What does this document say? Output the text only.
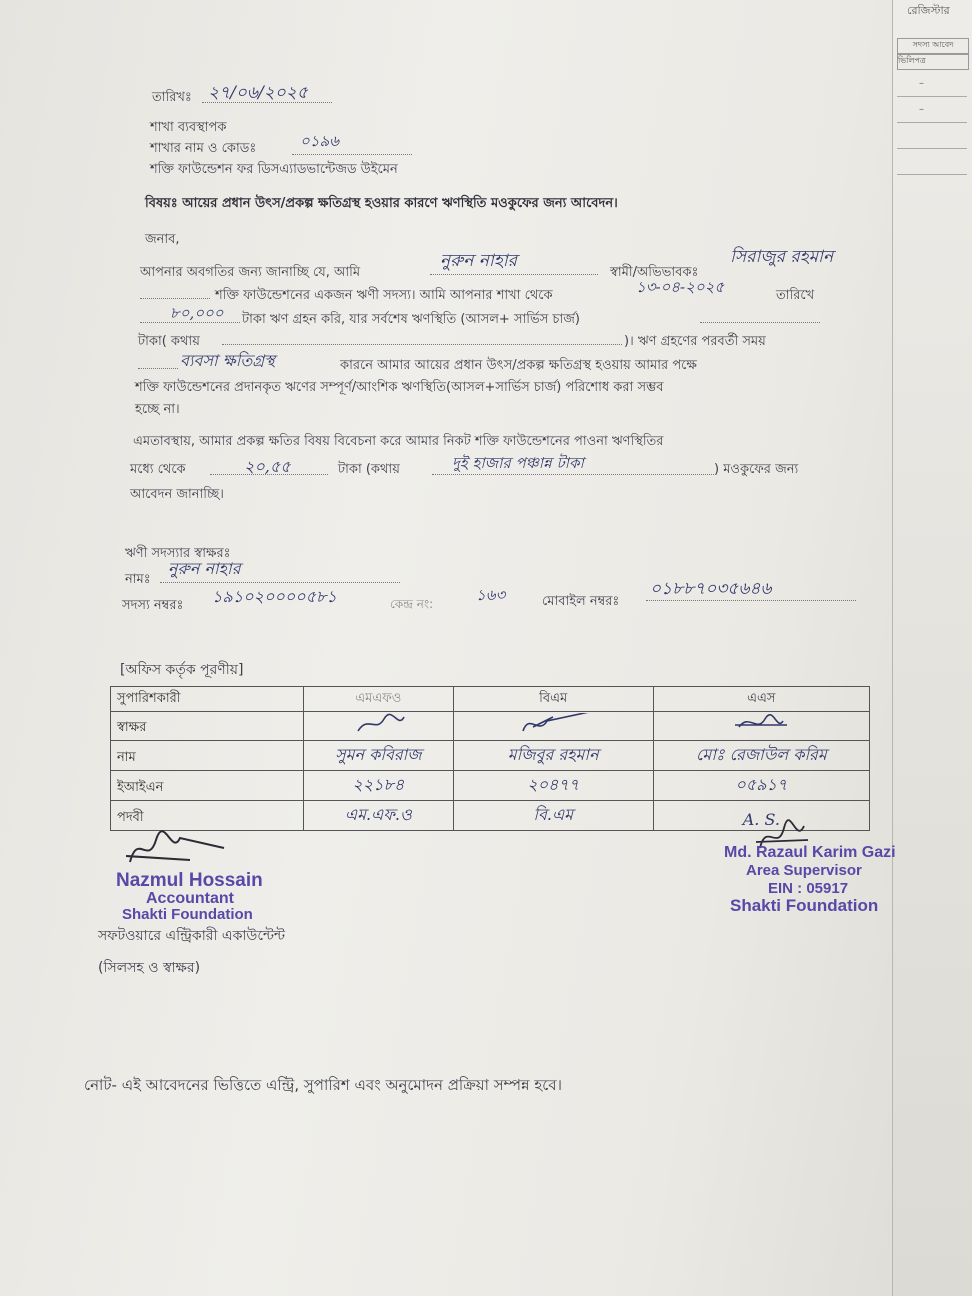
রেজিস্টার
সদস্য আবেদ
ভিলিপত্র
–
–
তারিখঃ ২৭/০৬/২০২৫
শাখা ব্যবস্থাপক
শাখার নাম ও কোডঃ	০১৯৬
শক্তি ফাউন্ডেশন ফর ডিসএ্যাডভান্টেজড উইমেন
বিষয়ঃ আয়ের প্রধান উৎস/প্রকল্প ক্ষতিগ্রস্থ হওয়ার কারণে ঋণস্থিতি মওকুফের জন্য আবেদন।
জনাব,
আপনার অবগতির জন্য জানাচ্ছি যে, আমি
নুরুন নাহার
স্বামী/অভিভাবকঃ
সিরাজুর রহমান
শক্তি ফাউন্ডেশনের একজন ঋণী সদস্য। আমি আপনার শাখা থেকে	১৩-০৪-২০২৫	তারিখে
৮০,০০০ টাকা ঋণ গ্রহন করি, যার সর্বশেষ ঋণস্থিতি (আসল+ সার্ভিস চার্জ)
টাকা( কথায়	)। ঋণ গ্রহণের পরবর্তী সময়
ব্যবসা ক্ষতিগ্রস্থ	কারনে আমার আয়ের প্রধান উৎস/প্রকল্প ক্ষতিগ্রস্থ হওয়ায় আমার পক্ষে
শক্তি ফাউন্ডেশনের প্রদানকৃত ঋণের সম্পূর্ণ/আংশিক ঋণস্থিতি(আসল+সার্ভিস চার্জ) পরিশোধ করা সম্ভব
হচ্ছে না।
এমতাবস্থায়, আমার প্রকল্প ক্ষতির বিষয় বিবেচনা করে আমার নিকট শক্তি ফাউন্ডেশনের পাওনা ঋণস্থিতির
মধ্যে থেকে	২০,৫৫	টাকা (কথায়	দুই হাজার পঞ্চান্ন টাকা	) মওকুফের জন্য
আবেদন জানাচ্ছি।
ঋণী সদস্যার স্বাক্ষরঃ
নামঃ
নুরুন নাহার
সদস্য নম্বরঃ ১৯১০২০০০০৫৮১	কেন্দ্র নং:	১৬৩	মোবাইল নম্বরঃ
০১৮৮৭০৩৫৬৪৬
[অফিস কর্তৃক পূরণীয়]
সুপারিশকারী	এমএফও	বিএম	এএস
স্বাক্ষর			
নাম	সুমন কবিরাজ	মজিবুর রহমান	মোঃ রেজাউল করিম
ইআইএন	২২১৮৪	২০৪৭৭	০৫৯১৭
পদবী	এম.এফ.ও	বি.এম	A. S.
Nazmul Hossain
Accountant
Shakti Foundation
সফটওয়ারে এন্ট্রিকারী একাউন্টেন্ট
(সিলসহ ও স্বাক্ষর)
Md. Razaul Karim Gazi
Area Supervisor
EIN : 05917
Shakti Foundation
নোট- এই আবেদনের ভিত্তিতে এন্ট্রি, সুপারিশ এবং অনুমোদন প্রক্রিয়া সম্পন্ন হবে।
